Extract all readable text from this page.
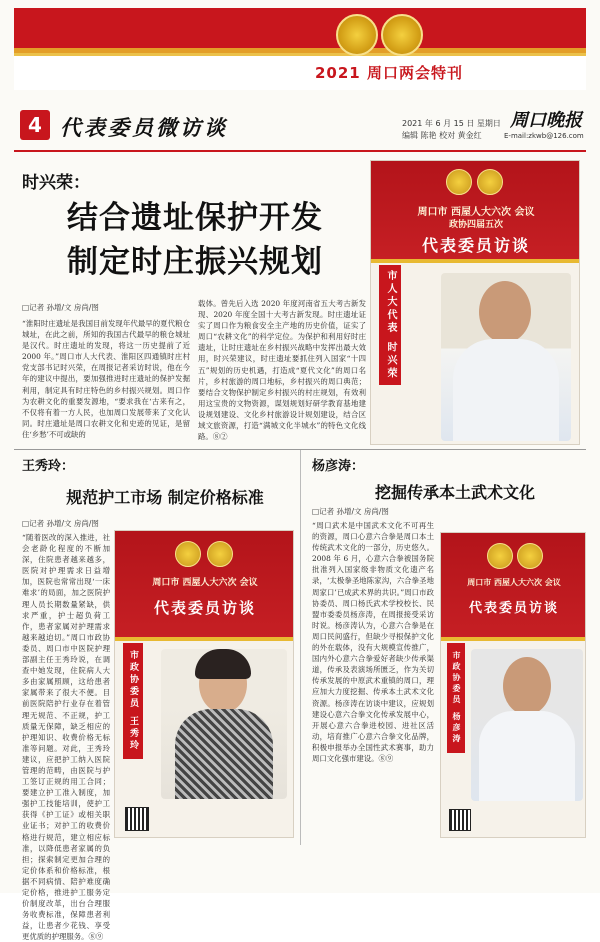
2021 周口两会特刊
4 代表委员微访谈	2021 年 6 月 15 日 星期日
编辑 陈艳 校对 黄金红
周口晚报
E-mail:zkwb@126.com
时兴荣：
结合遗址保护开发
制定时庄振兴规划
□记者 孙增/文 房尚/图
“淮阳时庄遗址是我国目前发现年代最早的夏代粮仓城址，在此之前，所知的我国古代最早的粮仓城址是汉代。时庄遗址的发现，将这一历史提前了近 2000 年。”周口市人大代表、淮阳区四通镇时庄村党支部书记时兴荣，在周报记者采访时说，他在今年的建议中提出，要加强推进时庄遗址的保护发掘利用，制定具有时庄特色的乡村振兴规划。周口作为农耕文化的重要发源地，“要求我在‘古来有之，不仅将有着一方人民，也加周口发展带来了文化认同。时庄遗址是周口农耕文化和史迹的见证，是留住‘乡愁’不可或缺的
载体。曾先后入选 2020 年度河南省五大考古新发现、2020 年度全国十大考古新发现。时庄遗址证实了周口作为粮食安全主产地的历史价值，证实了周口“农耕文化”的科学定位。为保护和利用好时庄遗址，让时庄遗址在乡村振兴战略中发挥出最大效用，时兴荣建议，时庄遗址要抓住列入国家“十四五”规划的历史机遇，打造成“夏代文化”的周口名片，乡村旅游的周口地标，乡村振兴的周口典范；要结合文物保护制定乡村振兴的村庄规划，有效利用这宝贵的文物资源，谋划规划好研学教育基地建设规划建设、文化乡村旅游设计规划建设，结合区域文旅资源，打造“满城文化半城水”的特色文化线路。⑧②
周口市 西屋人大六次 会议
政协四届五次
代表委员访谈
市人大代表 时兴荣
王秀玲：
规范护工市场 制定价格标准
□记者 孙增/文 房尚/图
“随着医改的深入推进，社会老龄化程度的不断加深，住院患者越来越多，医院对护理需求日益增加，医院也常常出现‘一床难求’的局面，加之医院护理人员长期数量紧缺，供求严重，护士超负荷工作，患者家属对护理需求越来越迫切。”周口市政协委员、周口市中医院护理部副主任王秀玲说，在调查中她发现，住院病人大多由家属照顾，这给患者家属带来了很大不便。目前医院陪护行业存在着管理无规范、不正规，护工质量无保障，缺乏相应的护理知识、收费价格无标准等问题。对此，王秀玲建议，应把护工纳入医院管理的范畴，由医院与护工签订正规的用工合同；要建立护工准入制度，加强护工技能培训，使护工获得《护工证》或相关职业证书；对护工的收费价格进行规范，建立相应标准，以降低患者家属的负担；探索制定更加合理的定价体系和价格标准，根据不同病情、陪护难度确定价格，推进护工服务定价制度改革，出台合理服务收费标准，保障患者利益，让患者少花钱、享受更优质的护理服务。⑧⑨
周口市 西屋人大六次 会议
代表委员访谈
市政协委员 王秀玲
杨彦涛：
挖掘传承本土武术文化
□记者 孙增/文 房尚/图
“周口武术是中国武术文化不可再生的资源，周口心意六合拳是周口本土传统武术文化的一部分，历史悠久。2008 年 6 月，心意六合拳被国务院批准列入国家级非物质文化遗产名录，‘太极拳圣地陈家沟，六合拳圣地周家口’已成武术界的共识。”周口市政协委员、周口杨氏武术学校校长、民盟市委委员杨彦涛，在周报接受采访时说。杨彦涛认为，心意六合拳是在周口民间盛行，但缺少寻根保护文化的外在载体，没有大规模宣传推广，国内外心意六合拳爱好者缺少传承渠道，传承及表演场所匮乏，作为关切传承发展的中原武术重镇的周口，理应加大力度挖掘、传承本土武术文化资源。杨彦涛在访谈中建议，应规划建设心意六合拳文化传承发展中心，开展心意六合拳进校园、进社区活动，培育推广心意六合拳文化品牌，积极申报举办全国性武术赛事，助力周口文化强市建设。⑧⑨
周口市 西屋人大六次 会议
代表委员访谈
市政协委员 杨彦涛
